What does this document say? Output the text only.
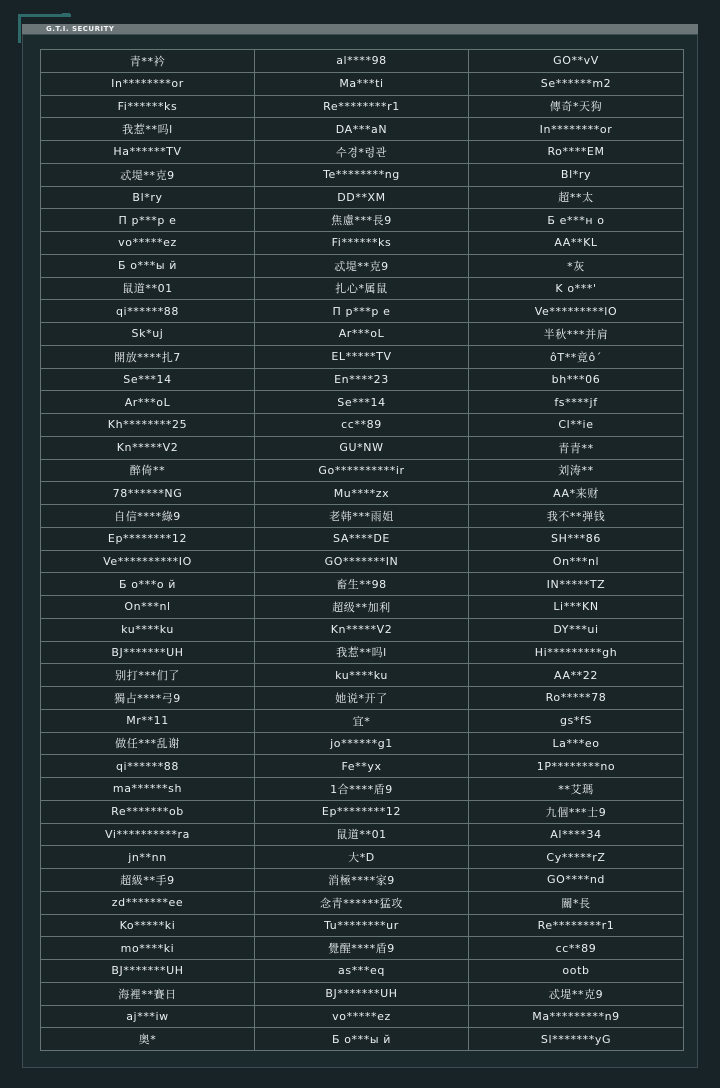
G.T.I. SECURITY
青**衿	al****98	GO**vV
In********or	Ma***ti	Se******m2
Fi******ks	Re********r1	傳奇*天狗
我惹**吗l	DA***aN	In********or
Ha******TV	수경*령관	Ro****EM
忒堤**克9	Te********ng	Bl*ry
Bl*ry	DD**XM	超**太
П р***р е	焦慮***長9	Б е***н о
vo*****ez	Fi******ks	AA**KL
Б о***ы й	忒堤**克9	*灰
鼠道**01	扎心*属鼠	K o***'
qi******88	П р***р е	Ve*********lO
Sk*uj	Ar***oL	半秋***并肩
開放****扎7	EL*****TV	ôT**竟ô´
Se***14	En****23	bh***06
Ar***oL	Se***14	fs****jf
Kh********25	cc**89	Cl**ie
Kn*****V2	GU*NW	青青**
醉倚**	Go**********ir	刘涛**
78******NG	Mu****zx	AA*来财
自信****綠9	老韩***雨姐	我不**弹钱
Ep********12	SA****DE	SH***86
Ve**********IO	GO*******IN	On***nl
Б о***о й	畜生**98	IN*****TZ
On***nl	超级**加利	Li***KN
ku****ku	Kn*****V2	DY***ui
BJ*******UH	我惹**吗l	Hi*********gh
别打***们了	ku****ku	AA**22
獨占****弓9	她说*开了	Ro*****78
Mr**11	宜*	gs*fS
做任***乱谢	jo******g1	La***eo
qi******88	Fe**yx	1P********no
ma******sh	1合****盾9	**艾瑪
Re*******ob	Ep********12	九個***士9
Vi**********ra	鼠道**01	Al****34
jn**nn	大*D	Cy*****rZ
超級**手9	消極****家9	GO****nd
zd*******ee	念青******猛攻	關*長
Ko*****ki	Tu********ur	Re********r1
mo****ki	覺醒****盾9	cc**89
BJ*******UH	as***eq	ootb
海裡**賽日	BJ*******UH	忒堤**克9
aj***iw	vo*****ez	Ma*********n9
奥*	Б о***ы й	Sl*******yG
